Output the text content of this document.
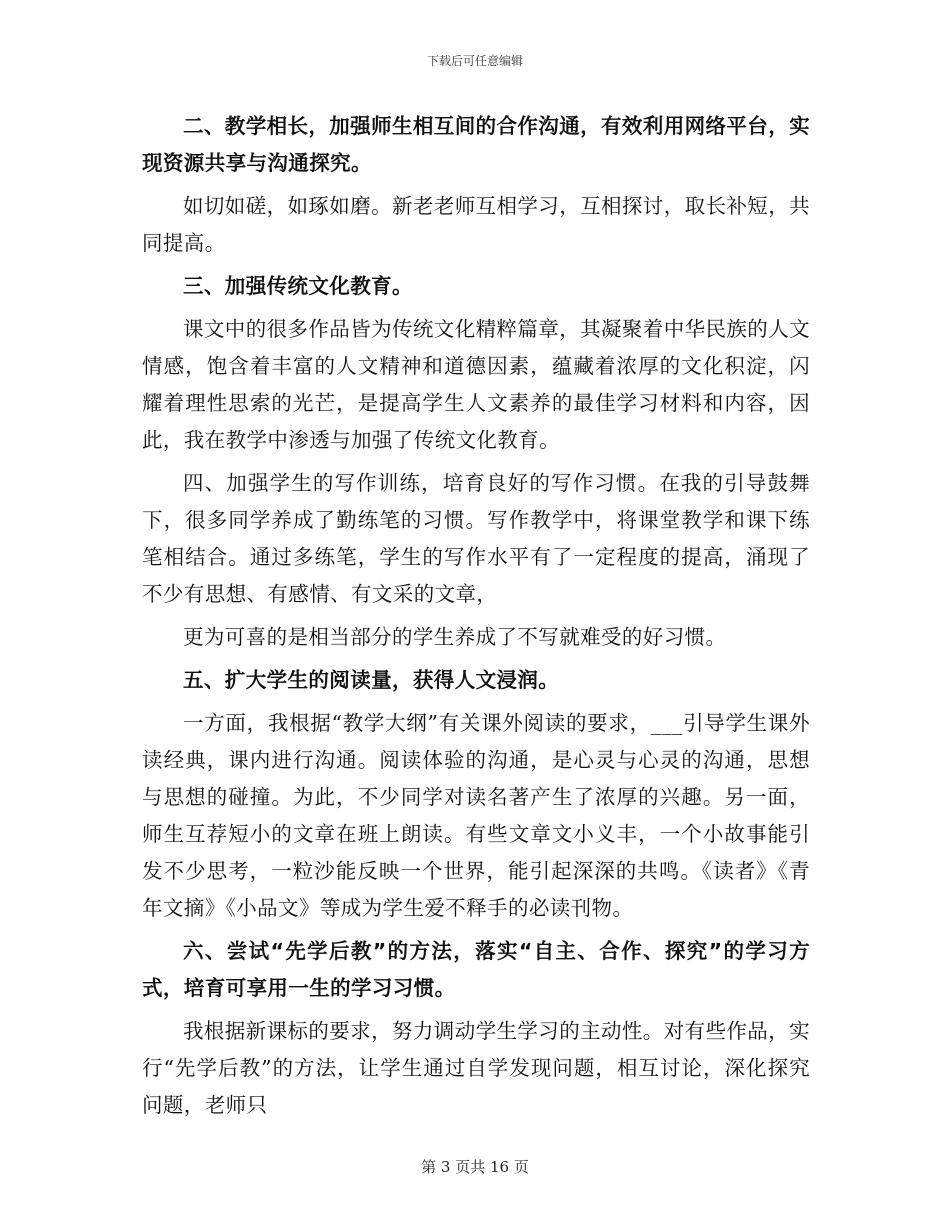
下载后可任意编辑

二、教学相长，加强师生相互间的合作沟通，有效利用网络平台，实现资源共享与沟通探究。

如切如磋，如琢如磨。新老老师互相学习，互相探讨，取长补短，共同提高。

三、加强传统文化教育。

课文中的很多作品皆为传统文化精粹篇章，其凝聚着中华民族的人文情感，饱含着丰富的人文精神和道德因素，蕴藏着浓厚的文化积淀，闪耀着理性思索的光芒，是提高学生人文素养的最佳学习材料和内容，因此，我在教学中渗透与加强了传统文化教育。

四、加强学生的写作训练，培育良好的写作习惯。在我的引导鼓舞下，很多同学养成了勤练笔的习惯。写作教学中，将课堂教学和课下练笔相结合。通过多练笔，学生的写作水平有了一定程度的提高，涌现了不少有思想、有感情、有文采的文章，

更为可喜的是相当部分的学生养成了不写就难受的好习惯。

五、扩大学生的阅读量，获得人文浸润。

一方面，我根据“教学大纲”有关课外阅读的要求，___引导学生课外读经典，课内进行沟通。阅读体验的沟通，是心灵与心灵的沟通，思想与思想的碰撞。为此，不少同学对读名著产生了浓厚的兴趣。另一面，师生互荐短小的文章在班上朗读。有些文章文小义丰，一个小故事能引发不少思考，一粒沙能反映一个世界，能引起深深的共鸣。《读者》《青年文摘》《小品文》等成为学生爱不释手的必读刊物。

六、尝试“先学后教”的方法，落实“自主、合作、探究”的学习方式，培育可享用一生的学习习惯。

我根据新课标的要求，努力调动学生学习的主动性。对有些作品，实行“先学后教”的方法，让学生通过自学发现问题，相互讨论，深化探究问题，老师只

第 3 页共 16 页
